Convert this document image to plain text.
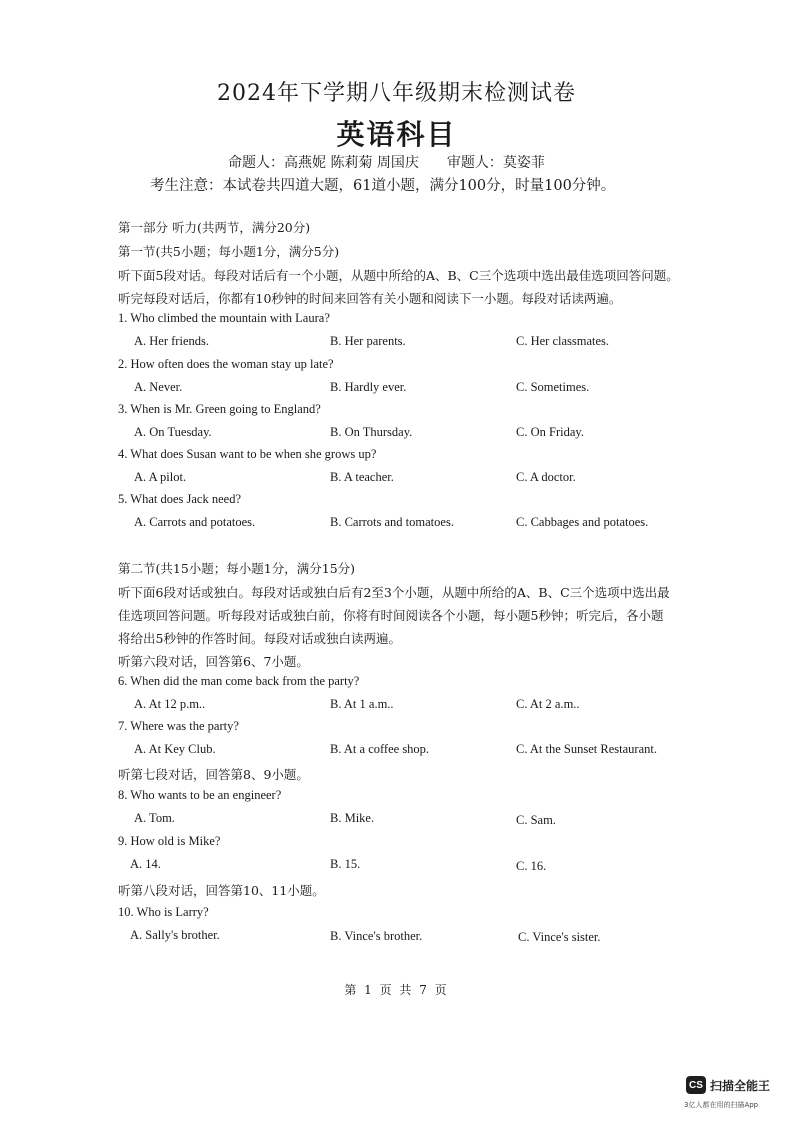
2024年下学期八年级期末检测试卷
英语科目
命题人：高燕妮 陈莉菊 周国庆　　审题人：莫姿菲
考生注意：本试卷共四道大题，61道小题，满分100分，时量100分钟。
第一部分 听力(共两节，满分20分)
第一节(共5小题；每小题1分，满分5分)
听下面5段对话。每段对话后有一个小题，从题中所给的A、B、C三个选项中选出最佳选项回答问题。
听完每段对话后，你都有10秒钟的时间来回答有关小题和阅读下一小题。每段对话读两遍。
1. Who climbed the mountain with Laura?
A. Her friends.	B. Her parents.	C. Her classmates.
2. How often does the woman stay up late?
A. Never.	B. Hardly ever.	C. Sometimes.
3. When is Mr. Green going to England?
A. On Tuesday.	B. On Thursday.	C. On Friday.
4. What does Susan want to be when she grows up?
A. A pilot.	B. A teacher.	C. A doctor.
5. What does Jack need?
A. Carrots and potatoes.	B. Carrots and tomatoes.	C. Cabbages and potatoes.
第二节(共15小题；每小题1分，满分15分)
听下面6段对话或独白。每段对话或独白后有2至3个小题，从题中所给的A、B、C三个选项中选出最
佳选项回答问题。听每段对话或独白前，你将有时间阅读各个小题，每小题5秒钟；听完后，各小题
将给出5秒钟的作答时间。每段对话或独白读两遍。
听第六段对话，回答第6、7小题。
6. When did the man come back from the party?
A. At 12 p.m..	B. At 1 a.m..	C. At 2 a.m..
7. Where was the party?
A. At Key Club.	B. At a coffee shop.	C. At the Sunset Restaurant.
听第七段对话，回答第8、9小题。
8. Who wants to be an engineer?
A. Tom.	B. Mike.	C. Sam.
9. How old is Mike?
A. 14.	B. 15.	C. 16.
听第八段对话，回答第10、11小题。
10. Who is Larry?
A. Sally's brother.	B. Vince's brother.	C. Vince's sister.
第 1 页 共 7 页
CS 扫描全能王
3亿人都在用的扫描App
